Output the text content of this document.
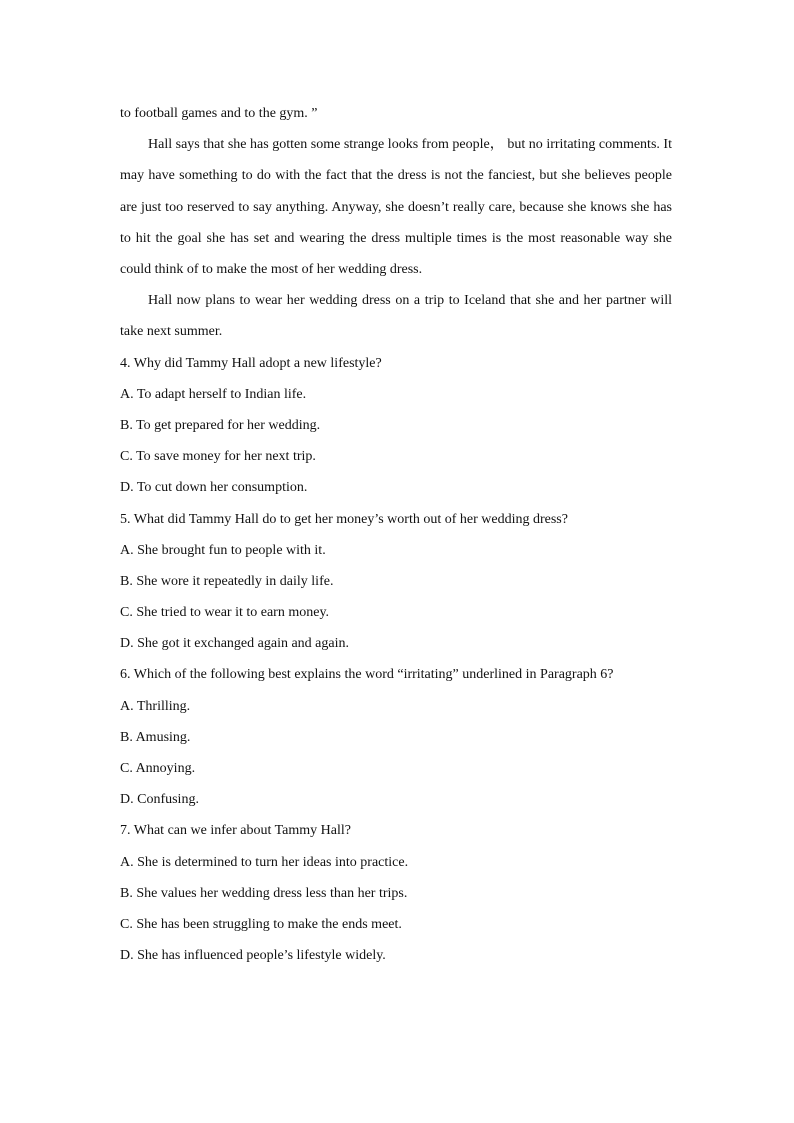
to football games and to the gym. ”

Hall says that she has gotten some strange looks from people， but no irritating comments. It may have something to do with the fact that the dress is not the fanciest, but she believes people are just too reserved to say anything. Anyway, she doesn’t really care, because she knows she has to hit the goal she has set and wearing the dress multiple times is the most reasonable way she could think of to make the most of her wedding dress.

Hall now plans to wear her wedding dress on a trip to Iceland that she and her partner will take next summer.

4. Why did Tammy Hall adopt a new lifestyle?

A. To adapt herself to Indian life.

B. To get prepared for her wedding.

C. To save money for her next trip.

D. To cut down her consumption.

5. What did Tammy Hall do to get her money’s worth out of her wedding dress?

A. She brought fun to people with it.

B. She wore it repeatedly in daily life.

C. She tried to wear it to earn money.

D. She got it exchanged again and again.

6. Which of the following best explains the word “irritating” underlined in Paragraph 6?

A. Thrilling.

B. Amusing.

C. Annoying.

D. Confusing.

7. What can we infer about Tammy Hall?

A. She is determined to turn her ideas into practice.

B. She values her wedding dress less than her trips.

C. She has been struggling to make the ends meet.

D. She has influenced people’s lifestyle widely.
